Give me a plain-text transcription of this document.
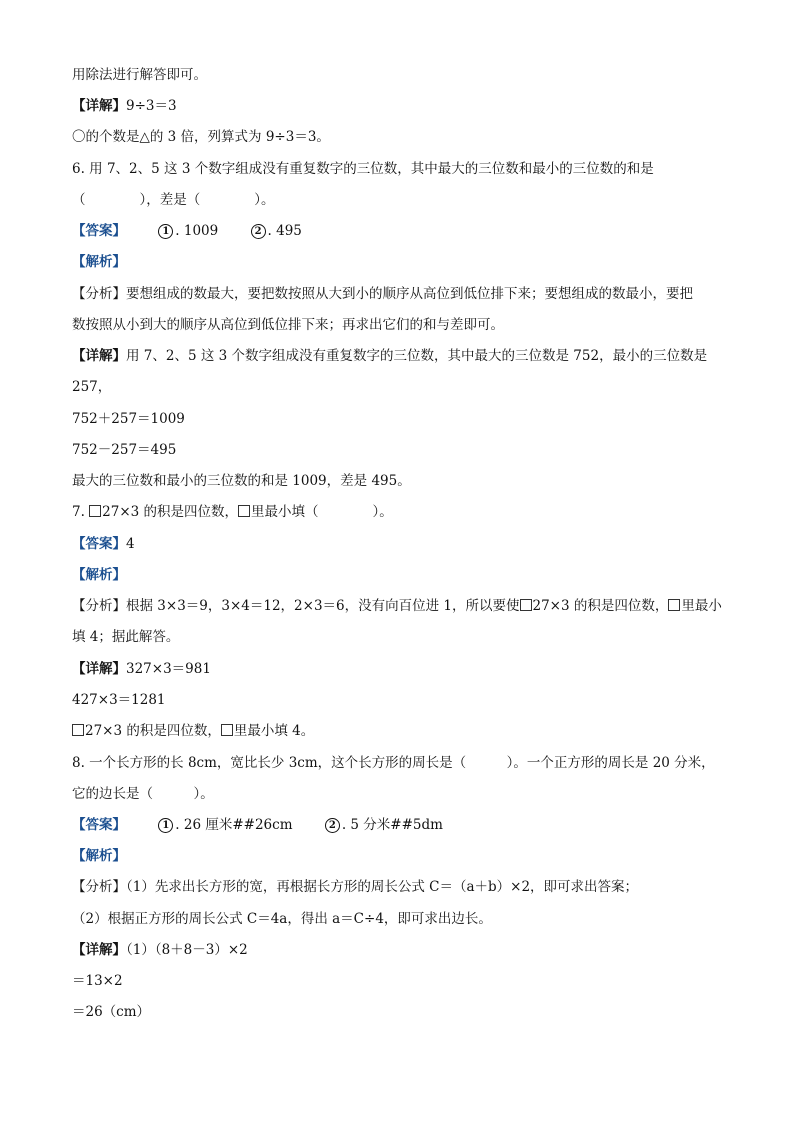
用除法进行解答即可。
【详解】9÷3＝3
〇的个数是△的 3 倍，列算式为 9÷3＝3。
6. 用 7、2、5 这 3 个数字组成没有重复数字的三位数，其中最大的三位数和最小的三位数的和是
（　　　　），差是（　　　　）。
【答案】	1 . 1009	2 . 495
【解析】
【分析】要想组成的数最大，要把数按照从大到小的顺序从高位到低位排下来；要想组成的数最小，要把
数按照从小到大的顺序从高位到低位排下来；再求出它们的和与差即可。
【详解】用 7、2、5 这 3 个数字组成没有重复数字的三位数，其中最大的三位数是 752，最小的三位数是
257，
752＋257＝1009
752－257＝495
最大的三位数和最小的三位数的和是 1009，差是 495。
7. 27×3 的积是四位数， 里最小填（　　　　）。
【答案】4
【解析】
【分析】根据 3×3＝9，3×4＝12，2×3＝6，没有向百位进 1，所以要使 27×3 的积是四位数， 里最小
填 4；据此解答。
【详解】327×3＝981
427×3＝1281
27×3 的积是四位数， 里最小填 4。
8. 一个长方形的长 8cm，宽比长少 3cm，这个长方形的周长是（　　　）。一个正方形的周长是 20 分米，
它的边长是（　　　）。
【答案】	1 . 26 厘米##26cm	2 . 5 分米##5dm
【解析】
【分析】（1）先求出长方形的宽，再根据长方形的周长公式 C＝（a＋b）×2，即可求出答案；
（2）根据正方形的周长公式 C＝4a，得出 a＝C÷4，即可求出边长。
【详解】（1）（8＋8－3）×2
＝13×2
＝26（cm）
